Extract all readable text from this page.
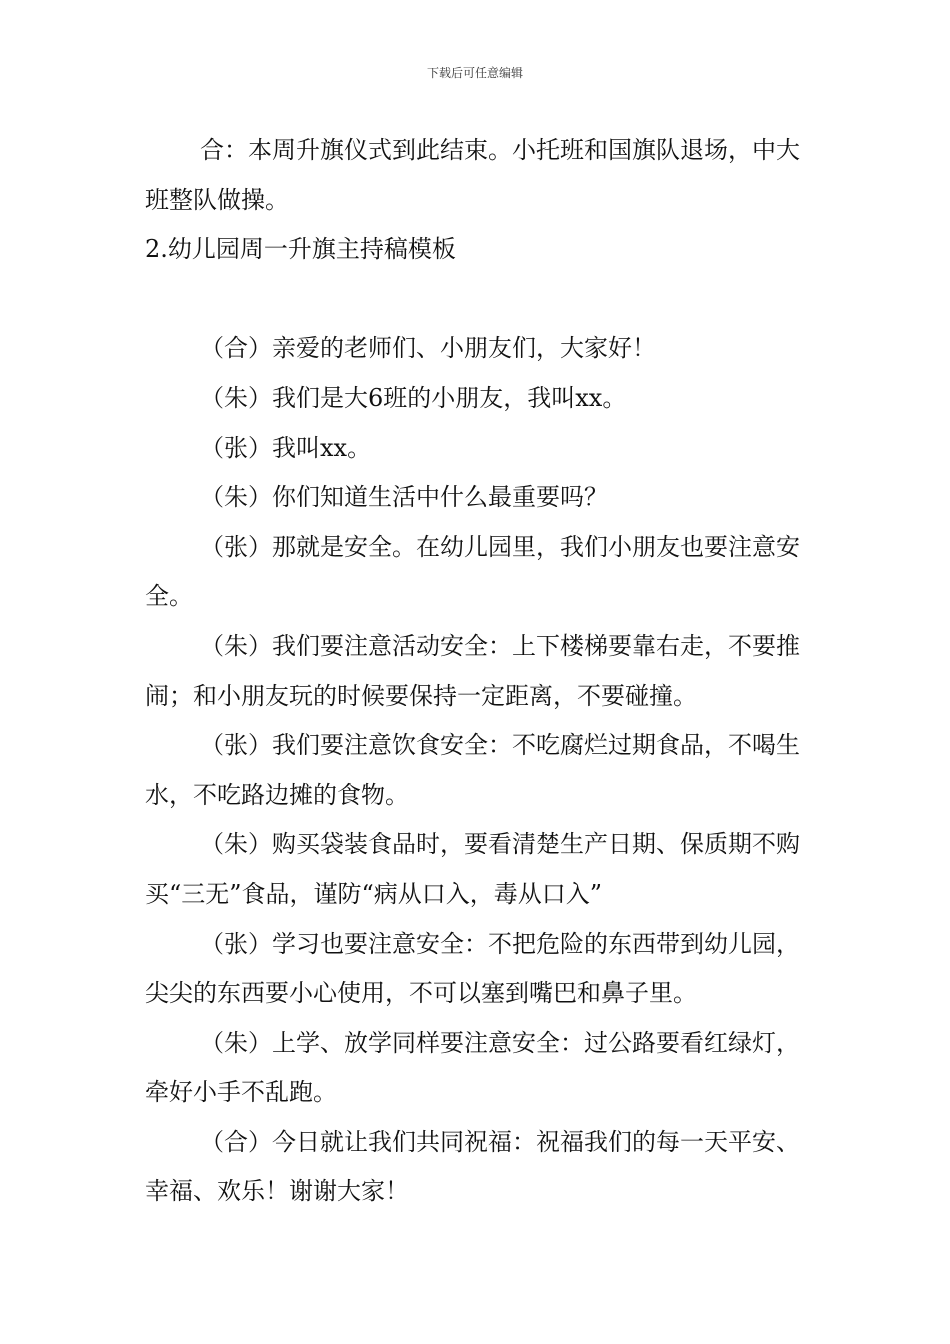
下载后可任意编辑

合：本周升旗仪式到此结束。小托班和国旗队退场，中大班整队做操。

2.幼儿园周一升旗主持稿模板

（合）亲爱的老师们、小朋友们，大家好！

（朱）我们是大6班的小朋友，我叫xx。

（张）我叫xx。

（朱）你们知道生活中什么最重要吗？

（张）那就是安全。在幼儿园里，我们小朋友也要注意安全。

（朱）我们要注意活动安全：上下楼梯要靠右走，不要推闹；和小朋友玩的时候要保持一定距离，不要碰撞。

（张）我们要注意饮食安全：不吃腐烂过期食品，不喝生水，不吃路边摊的食物。

（朱）购买袋装食品时，要看清楚生产日期、保质期不购买“三无”食品，谨防“病从口入，毒从口入”

（张）学习也要注意安全：不把危险的东西带到幼儿园，尖尖的东西要小心使用，不可以塞到嘴巴和鼻子里。

（朱）上学、放学同样要注意安全：过公路要看红绿灯，牵好小手不乱跑。

（合）今日就让我们共同祝福：祝福我们的每一天平安、幸福、欢乐！谢谢大家！
